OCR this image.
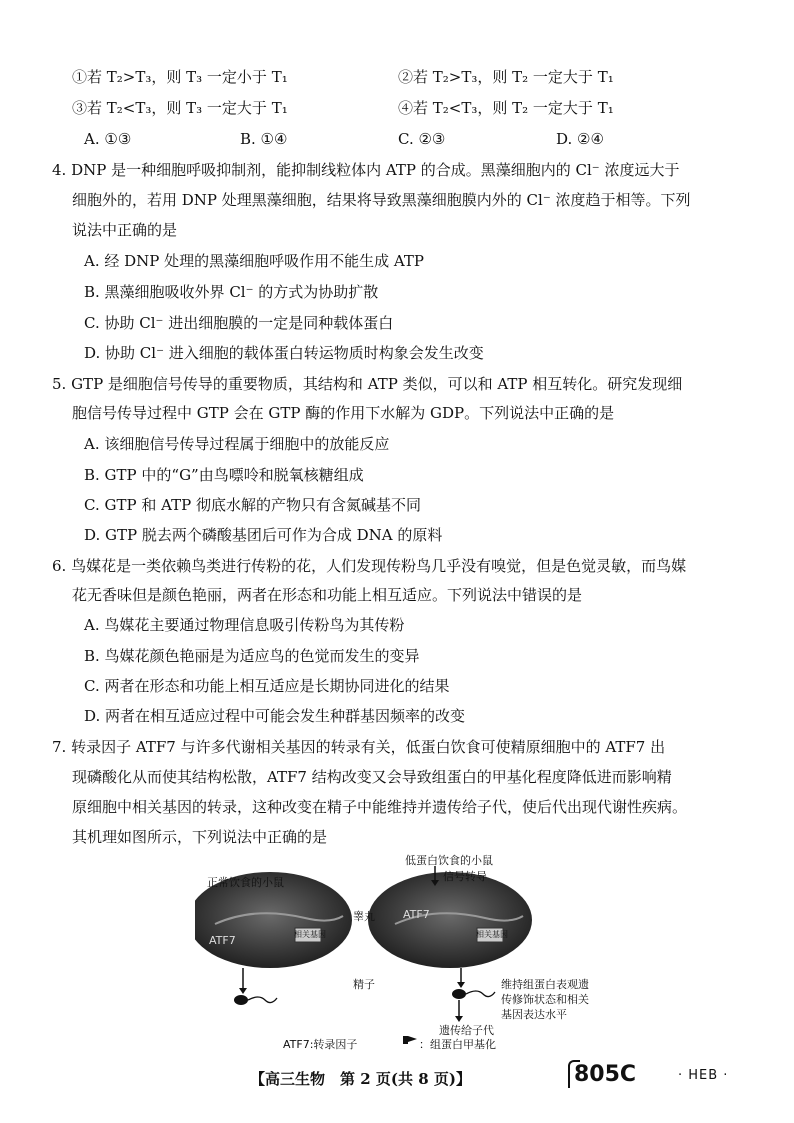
①若 T₂>T₃，则 T₃ 一定小于 T₁	②若 T₂>T₃，则 T₂ 一定大于 T₁
③若 T₂<T₃，则 T₃ 一定大于 T₁	④若 T₂<T₃，则 T₂ 一定大于 T₁
A. ①③	B. ①④	C. ②③	D. ②④
4. DNP 是一种细胞呼吸抑制剂，能抑制线粒体内 ATP 的合成。黑藻细胞内的 Cl⁻ 浓度远大于
细胞外的，若用 DNP 处理黑藻细胞，结果将导致黑藻细胞膜内外的 Cl⁻ 浓度趋于相等。下列
说法中正确的是
A. 经 DNP 处理的黑藻细胞呼吸作用不能生成 ATP
B. 黑藻细胞吸收外界 Cl⁻ 的方式为协助扩散
C. 协助 Cl⁻ 进出细胞膜的一定是同种载体蛋白
D. 协助 Cl⁻ 进入细胞的载体蛋白转运物质时构象会发生改变
5. GTP 是细胞信号传导的重要物质，其结构和 ATP 类似，可以和 ATP 相互转化。研究发现细
胞信号传导过程中 GTP 会在 GTP 酶的作用下水解为 GDP。下列说法中正确的是
A. 该细胞信号传导过程属于细胞中的放能反应
B. GTP 中的“G”由鸟嘌呤和脱氧核糖组成
C. GTP 和 ATP 彻底水解的产物只有含氮碱基不同
D. GTP 脱去两个磷酸基团后可作为合成 DNA 的原料
6. 鸟媒花是一类依赖鸟类进行传粉的花，人们发现传粉鸟几乎没有嗅觉，但是色觉灵敏，而鸟媒
花无香味但是颜色艳丽，两者在形态和功能上相互适应。下列说法中错误的是
A. 鸟媒花主要通过物理信息吸引传粉鸟为其传粉
B. 鸟媒花颜色艳丽是为适应鸟的色觉而发生的变异
C. 两者在形态和功能上相互适应是长期协同进化的结果
D. 两者在相互适应过程中可能会发生种群基因频率的改变
7. 转录因子 ATF7 与许多代谢相关基因的转录有关，低蛋白饮食可使精原细胞中的 ATF7 出
现磷酸化从而使其结构松散，ATF7 结构改变又会导致组蛋白的甲基化程度降低进而影响精
原细胞中相关基因的转录，这种改变在精子中能维持并遗传给子代，使后代出现代谢性疾病。
其机理如图所示，下列说法中正确的是
正常饮食的小鼠
低蛋白饮食的小鼠
信号转导
睾丸
精子
ATF7
ATF7
相关基因	相关基因
维持组蛋白表观遗
传修饰状态和相关
基因表达水平
遗传给子代
ATF7:转录因子	：组蛋白甲基化
【高三生物　第 2 页(共 8 页)】	805C	· HEB ·
